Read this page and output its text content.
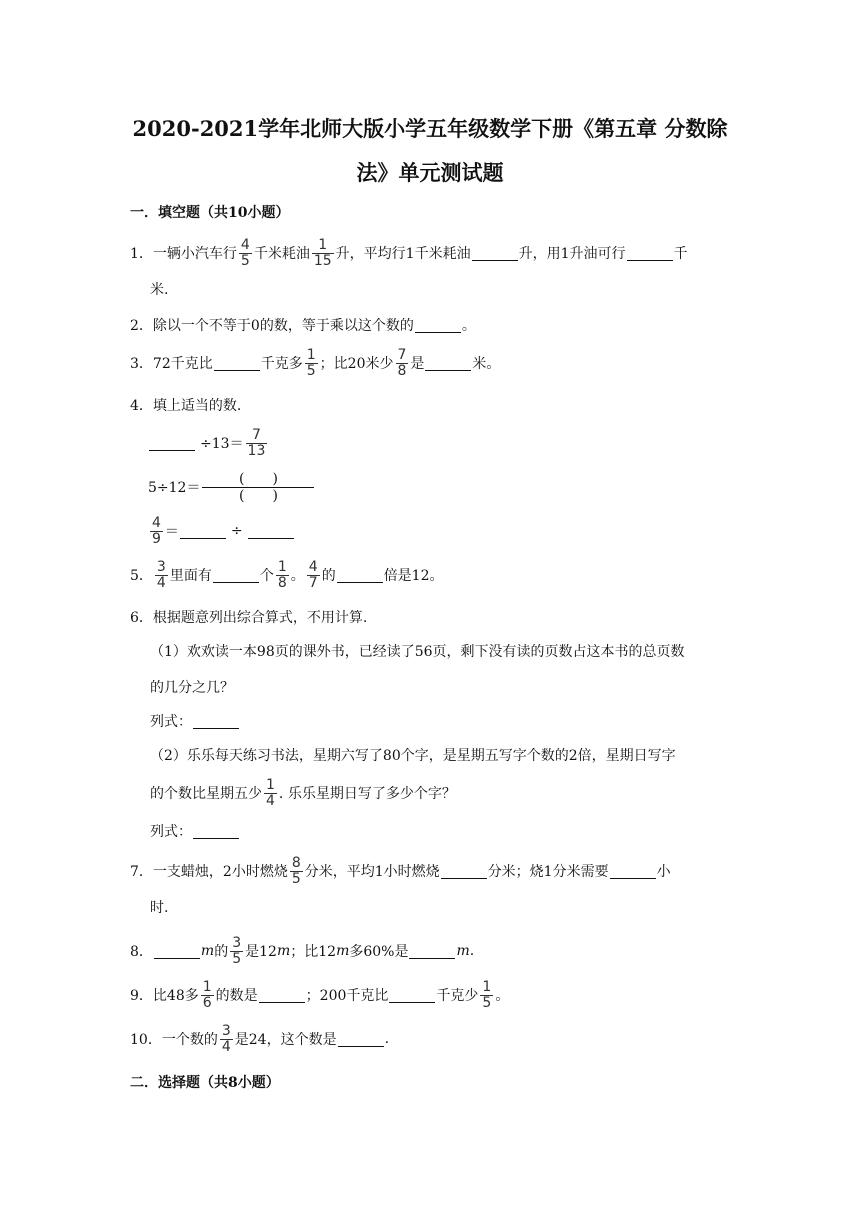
2020-2021学年北师大版小学五年级数学下册《第五章 分数除
法》单元测试题
一．填空题（共10小题）
1． 一辆小汽车行 $\frac{4}{5}$ 千米耗油 $\frac{1}{15}$ 升，平均行1千米耗油	升，用1升油可行	千
米.
2． 除以一个不等于0的数，等于乘以这个数的	。
3． 72千克比	千克多 $\frac{1}{5}$ ；比20米少 $\frac{7}{8}$ 是	米。
4． 填上适当的数.
$\div 13= \frac{7}{13}$
5÷12＝
(　　)
(　　)
$\frac{4}{9}$ ＝	÷
5． $\frac{3}{4}$ 里面有	个 $\frac{1}{8}$ 。 $\frac{4}{7}$ 的	倍是12。
6． 根据题意列出综合算式，不用计算.
（1）欢欢读一本98页的课外书，已经读了56页，剩下没有读的页数占这本书的总页数
的几分之几？
列式：
（2）乐乐每天练习书法，星期六写了80个字，是星期五写字个数的2倍，星期日写字
的个数比星期五少 $\frac{1}{4}$ . 乐乐星期日写了多少个字？
列式：
7． 一支蜡烛，2小时燃烧 $\frac{8}{5}$ 分米，平均1小时燃烧	分米；烧1分米需要	小
时.
8．	m 的 $\frac{3}{5}$ 是12 m ；比12 m 多60%是	m .
9． 比48多 $\frac{1}{6}$ 的数是	；200千克比	千克少 $\frac{1}{5}$ 。
10． 一个数的 $\frac{3}{4}$ 是24，这个数是	.
二．选择题（共8小题）
